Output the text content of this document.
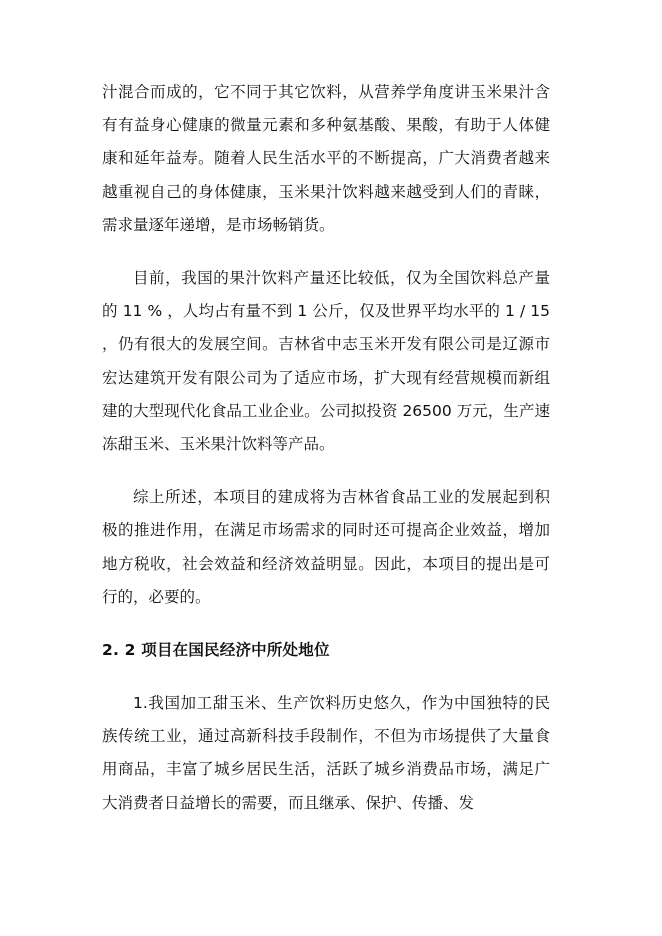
汁混合而成的，它不同于其它饮料，从营养学角度讲玉米果汁含有有益身心健康的微量元素和多种氨基酸、果酸，有助于人体健康和延年益寿。随着人民生活水平的不断提高，广大消费者越来越重视自己的身体健康，玉米果汁饮料越来越受到人们的青睐，需求量逐年递增，是市场畅销货。

目前，我国的果汁饮料产量还比较低，仅为全国饮料总产量的 11 % ，人均占有量不到 1 公斤，仅及世界平均水平的 1 / 15 ，仍有很大的发展空间。吉林省中志玉米开发有限公司是辽源市宏达建筑开发有限公司为了适应市场，扩大现有经营规模而新组建的大型现代化食品工业企业。公司拟投资 26500 万元，生产速冻甜玉米、玉米果汁饮料等产品。

综上所述，本项目的建成将为吉林省食品工业的发展起到积极的推进作用，在满足市场需求的同时还可提高企业效益，增加地方税收，社会效益和经济效益明显。因此，本项目的提出是可行的，必要的。

2. 2 项目在国民经济中所处地位

1.我国加工甜玉米、生产饮料历史悠久，作为中国独特的民族传统工业，通过高新科技手段制作，不但为市场提供了大量食用商品，丰富了城乡居民生活，活跃了城乡消费品市场，满足广大消费者日益增长的需要，而且继承、保护、传播、发
